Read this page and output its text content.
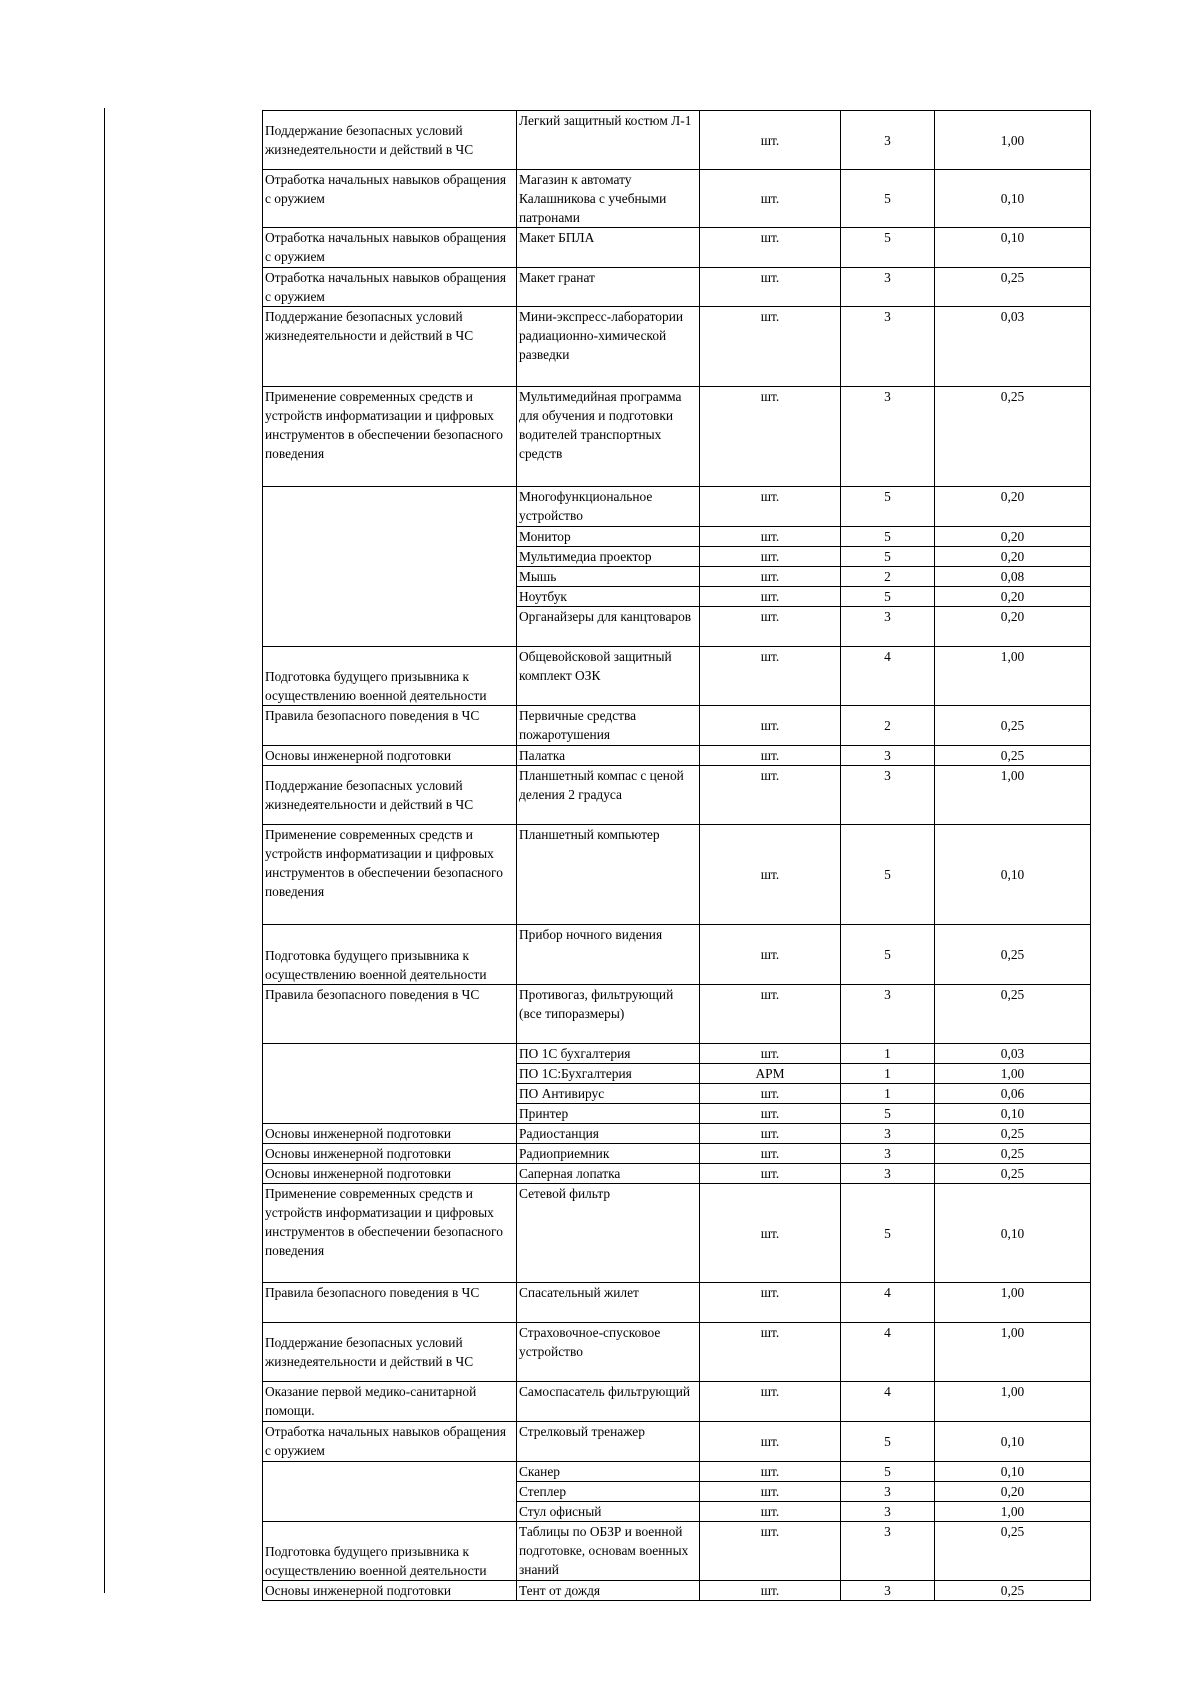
Поддержание безопасных условий жизнедеятельности и действий в ЧС	Легкий защитный костюм Л-1	шт.	3	1,00
Отработка начальных навыков обращения с оружием	Магазин к автомату Калашникова с учебными патронами	шт.	5	0,10
Отработка начальных навыков обращения с оружием	Макет БПЛА	шт.	5	0,10
Отработка начальных навыков обращения с оружием	Макет гранат	шт.	3	0,25
Поддержание безопасных условий жизнедеятельности и действий в ЧС	Мини-экспресс-лаборатории радиационно-химической разведки	шт.	3	0,03
Применение современных средств и устройств информатизации и цифровых инструментов в обеспечении безопасного поведения	Мультимедийная программа для обучения и подготовки водителей транспортных средств	шт.	3	0,25
	Многофункциональное устройство	шт.	5	0,20
	Монитор	шт.	5	0,20
	Мультимедиа проектор	шт.	5	0,20
	Мышь	шт.	2	0,08
	Ноутбук	шт.	5	0,20
	Органайзеры для канцтоваров	шт.	3	0,20
Подготовка будущего призывника к осуществлению военной деятельности	Общевойсковой защитный комплект ОЗК	шт.	4	1,00
Правила безопасного поведения в ЧС	Первичные средства пожаротушения	шт.	2	0,25
Основы инженерной подготовки	Палатка	шт.	3	0,25
Поддержание безопасных условий жизнедеятельности и действий в ЧС	Планшетный компас с ценой деления 2 градуса	шт.	3	1,00
Применение современных средств и устройств информатизации и цифровых инструментов в обеспечении безопасного поведения	Планшетный компьютер	шт.	5	0,10
Подготовка будущего призывника к осуществлению военной деятельности	Прибор ночного видения	шт.	5	0,25
Правила безопасного поведения в ЧС	Противогаз, фильтрующий (все типоразмеры)	шт.	3	0,25
	ПО 1С бухгалтерия	шт.	1	0,03
	ПО 1С:Бухгалтерия	АРМ	1	1,00
	ПО Антивирус	шт.	1	0,06
	Принтер	шт.	5	0,10
Основы инженерной подготовки	Радиостанция	шт.	3	0,25
Основы инженерной подготовки	Радиоприемник	шт.	3	0,25
Основы инженерной подготовки	Саперная лопатка	шт.	3	0,25
Применение современных средств и устройств информатизации и цифровых инструментов в обеспечении безопасного поведения	Сетевой фильтр	шт.	5	0,10
Правила безопасного поведения в ЧС	Спасательный жилет	шт.	4	1,00
Поддержание безопасных условий жизнедеятельности и действий в ЧС	Страховочное-спусковое устройство	шт.	4	1,00
Оказание первой медико-санитарной помощи.	Самоспасатель фильтрующий	шт.	4	1,00
Отработка начальных навыков обращения с оружием	Стрелковый тренажер	шт.	5	0,10
	Сканер	шт.	5	0,10
	Степлер	шт.	3	0,20
	Стул офисный	шт.	3	1,00
Подготовка будущего призывника к осуществлению военной деятельности	Таблицы по ОБЗР и военной подготовке, основам военных знаний	шт.	3	0,25
Основы инженерной подготовки	Тент от дождя	шт.	3	0,25
